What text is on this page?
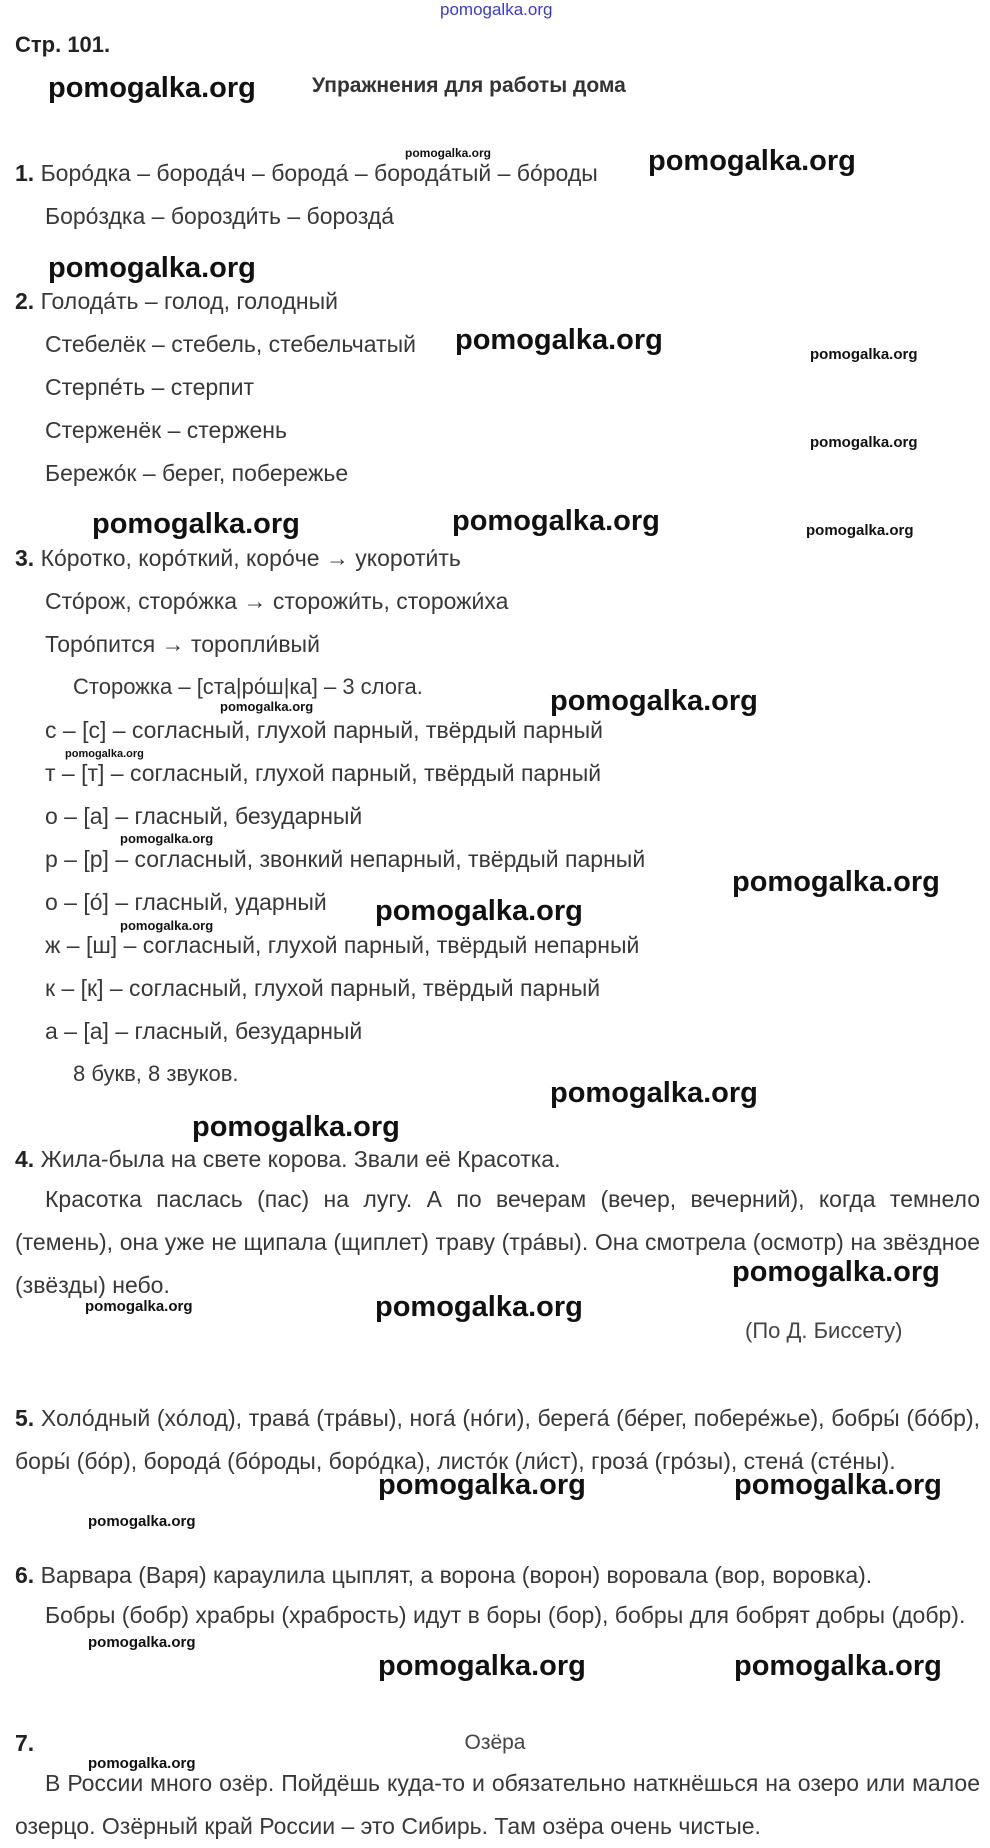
pomogalka.org
Стр. 101.
Упражнения для работы дома
1. Боро́дка – борода́ч – борода́ – борода́тый – бо́роды
Боро́здка – борозди́ть – борозда́
2. Голода́ть – голод, голодный
Стебелёк – стебель, стебельчатый
Стерпе́ть – стерпит
Стерженёк – стержень
Бережо́к – берег, побережье
3. Ко́ротко, коро́ткий, коро́че → укороти́ть
Сто́рож, сторо́жка → сторожи́ть, сторожи́ха
Торо́пится → торопли́вый
Сторожка – [ста|ро́ш|ка] – 3 слога.
с – [с] – согласный, глухой парный, твёрдый парный
т – [т] – согласный, глухой парный, твёрдый парный
о – [а] – гласный, безударный
р – [р] – согласный, звонкий непарный, твёрдый парный
о – [о́] – гласный, ударный
ж – [ш] – согласный, глухой парный, твёрдый непарный
к – [к] – согласный, глухой парный, твёрдый парный
а – [а] – гласный, безударный
8 букв, 8 звуков.
4. Жила-была на свете корова. Звали её Красотка.
Красотка паслась (пас) на лугу. А по вечерам (вечер, вечерний), когда темнело (темень), она уже не щипала (щиплет) траву (тра́вы). Она смотрела (осмотр) на звёздное (звёзды) небо.
(По Д. Биссету)
5. Холо́дный (хо́лод), трава́ (тра́вы), нога́ (но́ги), берега́ (бе́рег, побере́жье), бобры́ (бо́бр), боры́ (бо́р), борода́ (бо́роды, боро́дка), листо́к (ли́ст), гроза́ (гро́зы), стена́ (сте́ны).
6. Варвара (Варя) караулила цыплят, а ворона (ворон) воровала (вор, воровка).
Бобры (бобр) храбры (храбрость) идут в боры (бор), бобры для бобрят добры (добр).
7.	Озёра
В России много озёр. Пойдёшь куда-то и обязательно наткнёшься на озеро или малое озерцо. Озёрный край России – это Сибирь. Там озёра очень чистые.
pomogalka.org
pomogalka.org
pomogalka.org
pomogalka.org
pomogalka.org	pomogalka.org
pomogalka.org
pomogalka.org
pomogalka.org
pomogalka.org
pomogalka.org
pomogalka.org
pomogalka.org
pomogalka.org	pomogalka.org
pomogalka.org	pomogalka.org
pomogalka.org
pomogalka.org
pomogalka.org
pomogalka.org
pomogalka.org
pomogalka.org
pomogalka.org
pomogalka.org
pomogalka.org
pomogalka.org
pomogalka.org
pomogalka.org
